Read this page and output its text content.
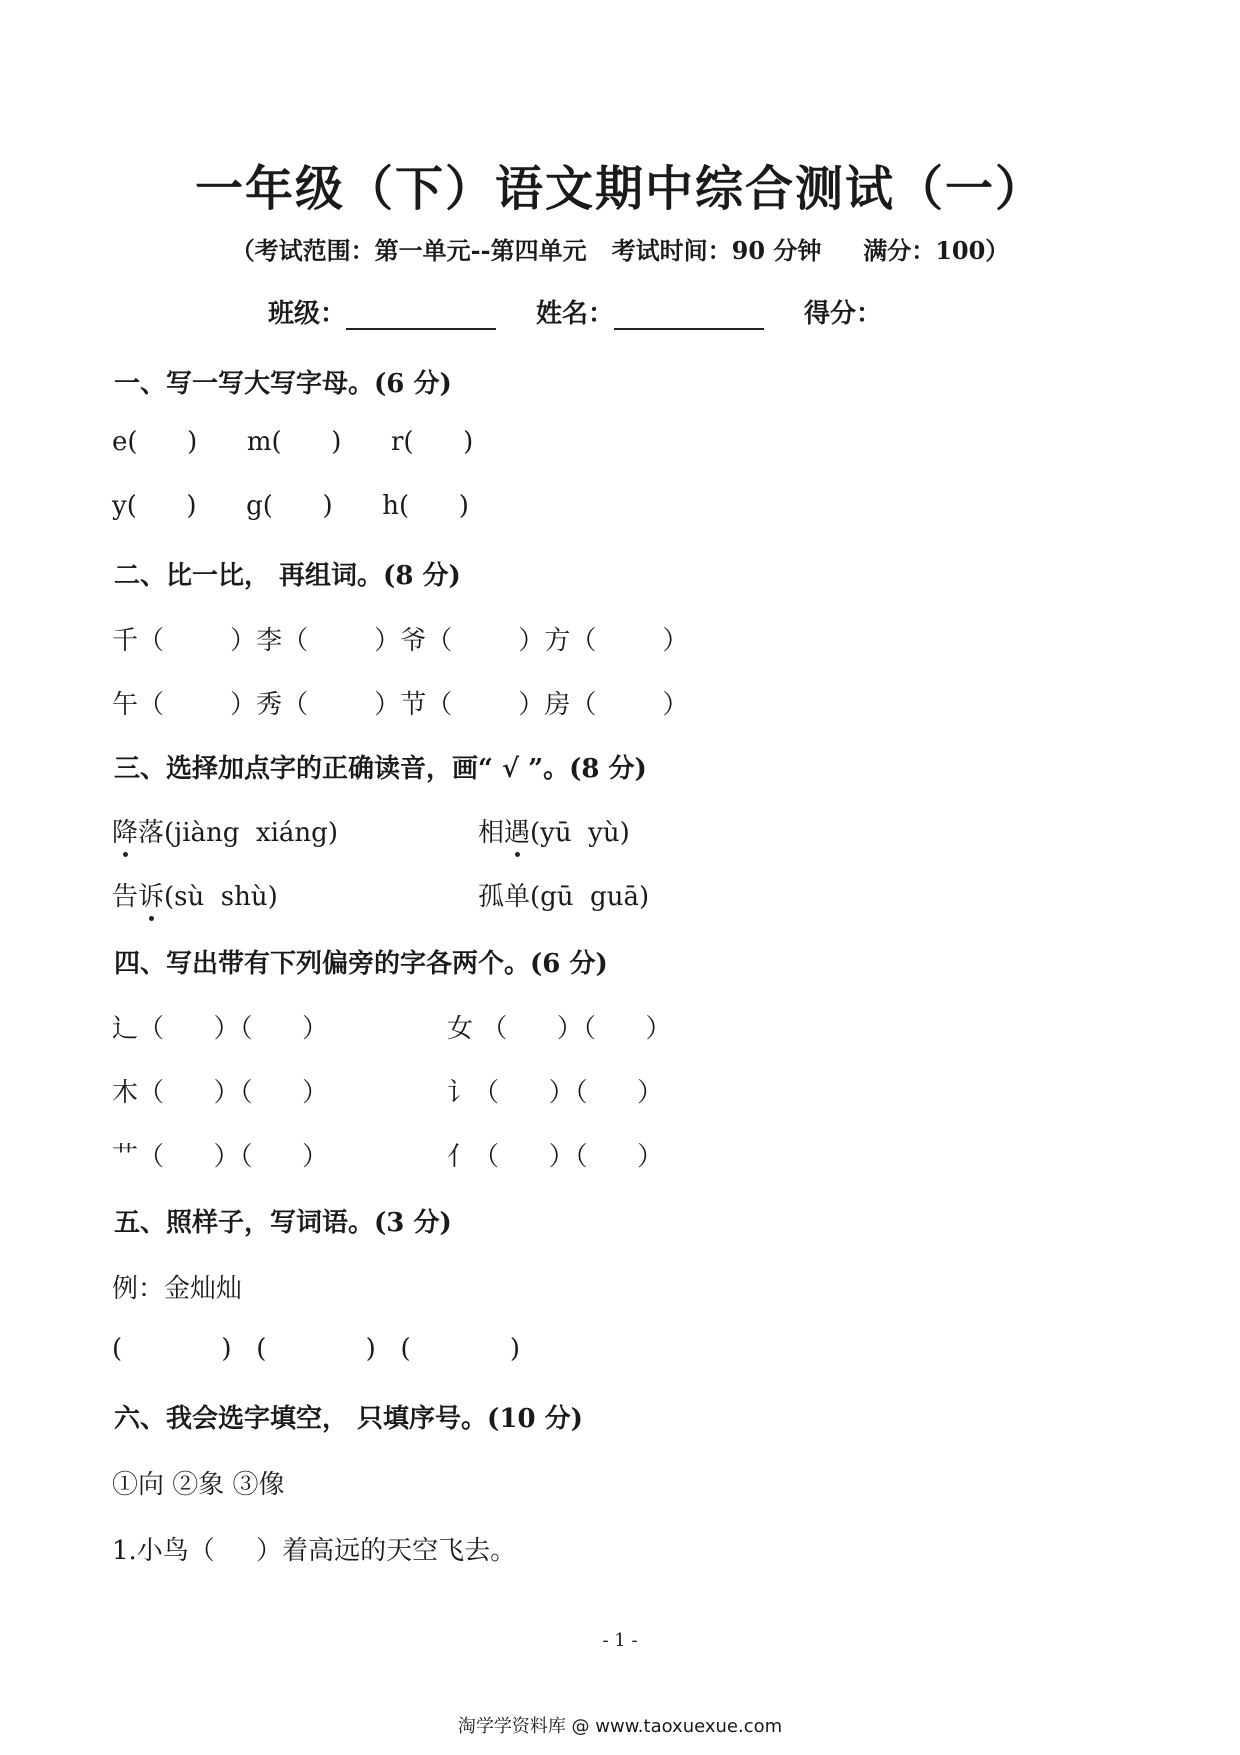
一年级（下）语文期中综合测试（一）
（考试范围：第一单元--第四单元   考试时间：90 分钟     满分：100）
班级：	姓名：	得分：
一、写一写大写字母。(6 分)
e(      )      m(      )      r(      )
y(      )      g(      )      h(      )
二、比一比， 再组词。(8 分)
千（        ）李（        ）爷（        ）方（        ）
午（        ）秀（        ）节（        ）房（        ）
三、选择加点字的正确读音，画“ √ ”。(8 分)
降落(jiàng  xiáng)	相遇(yū  yù)
告诉(sù  shù)	孤单(gū  guā)
四、写出带有下列偏旁的字各两个。(6 分)
辶（      ）（      ）	女 （      ）（      ）
木（      ）（      ）	讠（      ）（      ）
艹（      ）（      ）	亻（      ）（      ）
五、照样子，写词语。(3 分)
例：金灿灿
(            )   (            )   (            )
六、我会选字填空， 只填序号。(10 分)
①向 ②象 ③像
1.小鸟（     ）着高远的天空飞去。
- 1 -
淘学学资料库 @ www.taoxuexue.com
